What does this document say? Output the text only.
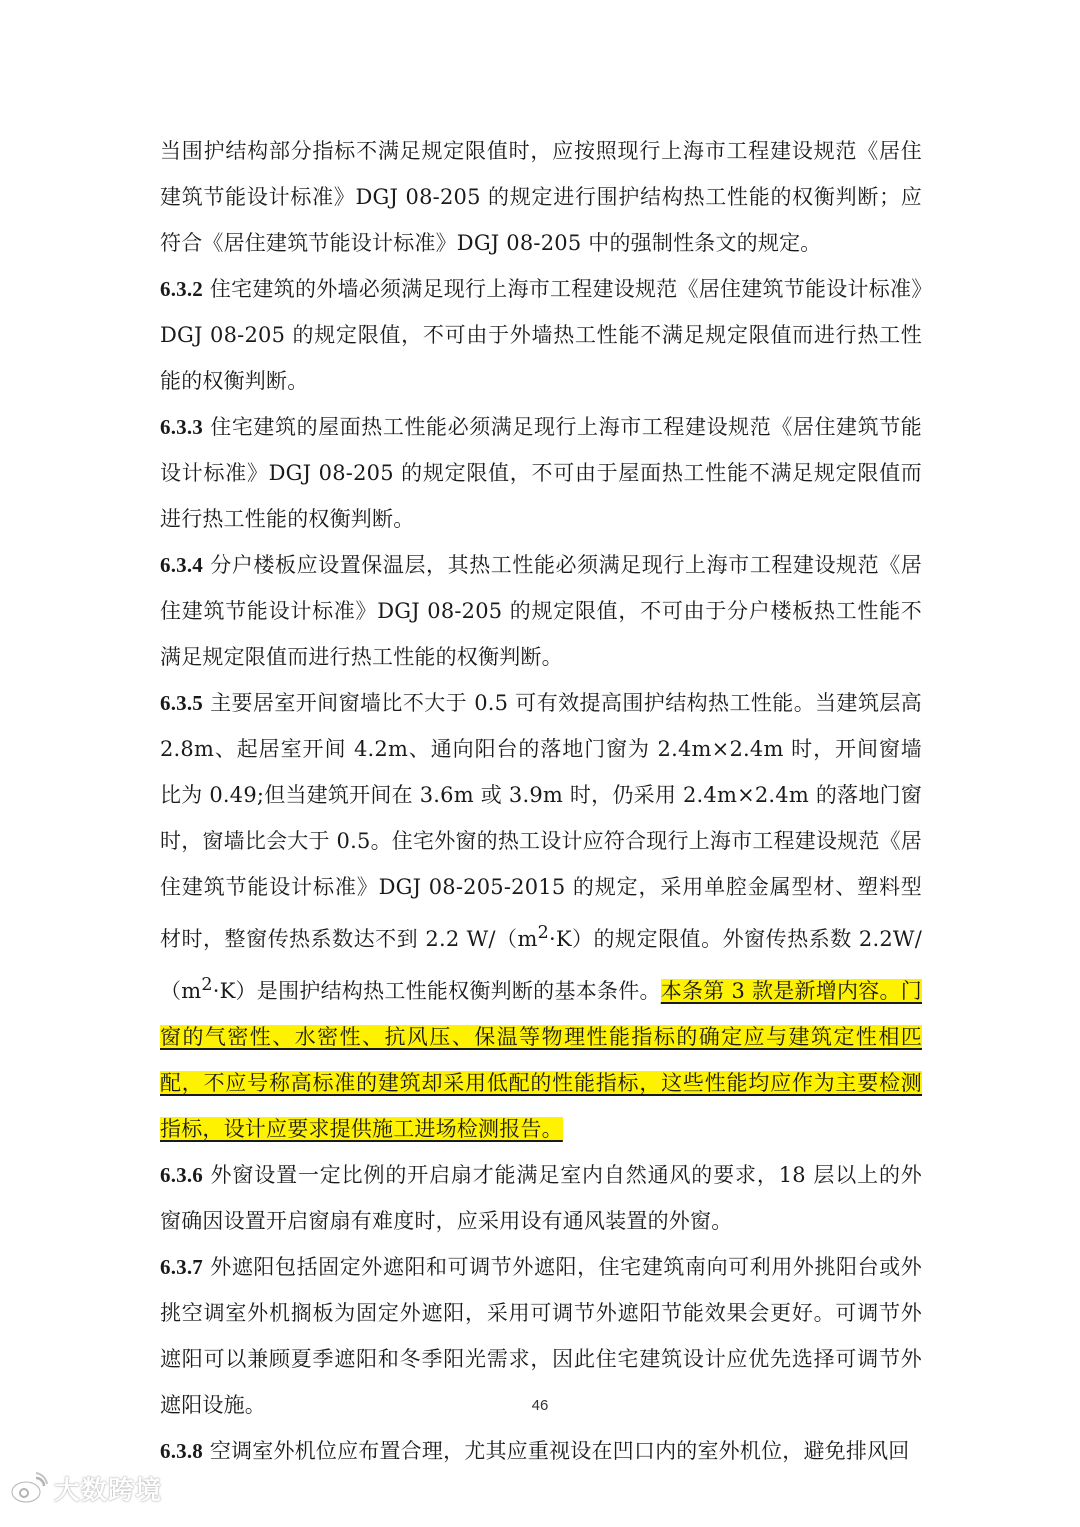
当围护结构部分指标不满足规定限值时，应按照现行上海市工程建设规范《居住建筑节能设计标准》DGJ 08-205 的规定进行围护结构热工性能的权衡判断；应符合《居住建筑节能设计标准》DGJ 08-205 中的强制性条文的规定。

6.3.2 住宅建筑的外墙必须满足现行上海市工程建设规范《居住建筑节能设计标准》DGJ 08-205 的规定限值，不可由于外墙热工性能不满足规定限值而进行热工性能的权衡判断。

6.3.3 住宅建筑的屋面热工性能必须满足现行上海市工程建设规范《居住建筑节能设计标准》DGJ 08-205 的规定限值，不可由于屋面热工性能不满足规定限值而进行热工性能的权衡判断。

6.3.4 分户楼板应设置保温层，其热工性能必须满足现行上海市工程建设规范《居住建筑节能设计标准》DGJ 08-205 的规定限值，不可由于分户楼板热工性能不满足规定限值而进行热工性能的权衡判断。

6.3.5 主要居室开间窗墙比不大于 0.5 可有效提高围护结构热工性能。当建筑层高 2.8m、起居室开间 4.2m、通向阳台的落地门窗为 2.4m×2.4m 时，开间窗墙比为 0.49;但当建筑开间在 3.6m 或 3.9m 时，仍采用 2.4m×2.4m 的落地门窗时，窗墙比会大于 0.5。住宅外窗的热工设计应符合现行上海市工程建设规范《居住建筑节能设计标准》DGJ 08-205-2015 的规定，采用单腔金属型材、塑料型材时，整窗传热系数达不到 2.2 $W/(m^2\cdot K)$的规定限值。外窗传热系数 $2.2W/(m^2\cdot K)$是围护结构热工性能权衡判断的基本条件。本条第 3 款是新增内容。门窗的气密性、水密性、抗风压、保温等物理性能指标的确定应与建筑定性相匹配，不应号称高标准的建筑却采用低配的性能指标，这些性能均应作为主要检测指标，设计应要求提供施工进场检测报告。

6.3.6 外窗设置一定比例的开启扇才能满足室内自然通风的要求，18 层以上的外窗确因设置开启窗扇有难度时，应采用设有通风装置的外窗。

6.3.7 外遮阳包括固定外遮阳和可调节外遮阳，住宅建筑南向可利用外挑阳台或外挑空调室外机搁板为固定外遮阳，采用可调节外遮阳节能效果会更好。可调节外遮阳可以兼顾夏季遮阳和冬季阳光需求，因此住宅建筑设计应优先选择可调节外遮阳设施。

6.3.8 空调室外机位应布置合理，尤其应重视设在凹口内的室外机位，避免排风回

46
大数跨境
